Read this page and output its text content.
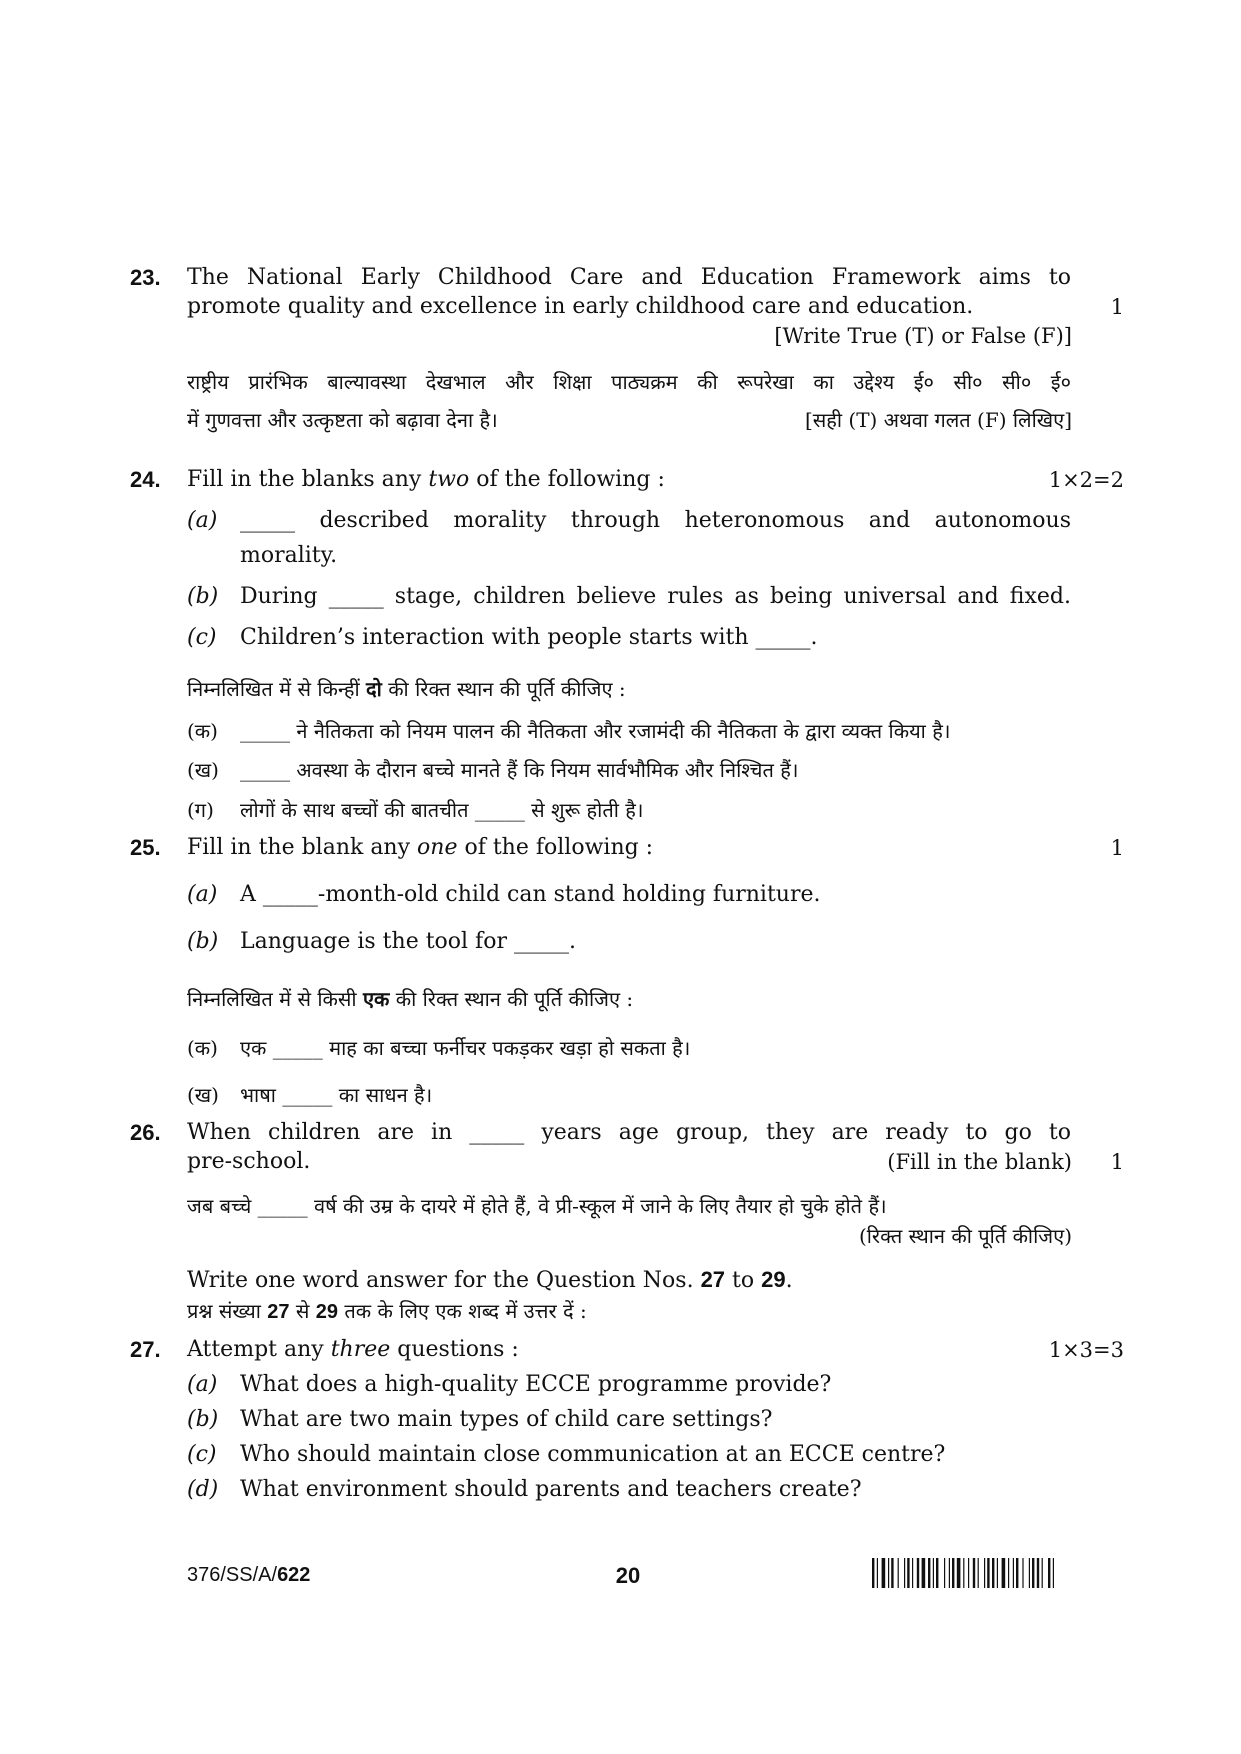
23. The National Early Childhood Care and Education Framework aims to
promote quality and excellence in early childhood care and education.	1
[Write True (T) or False (F)]
राष्ट्रीय प्रारंभिक बाल्यावस्था देखभाल और शिक्षा पाठ्यक्रम की रूपरेखा का उद्देश्य ई० सी० सी० ई०
में गुणवत्ता और उत्कृष्टता को बढ़ावा देना है।	[सही (T) अथवा गलत (F) लिखिए]
24. Fill in the blanks any two of the following :	1×2=2
(a) _____ described morality through heteronomous and autonomous
morality.
(b) During _____ stage, children believe rules as being universal and fixed.
(c) Children’s interaction with people starts with _____.
निम्नलिखित में से किन्हीं दो की रिक्त स्थान की पूर्ति कीजिए :
(क) _____ ने नैतिकता को नियम पालन की नैतिकता और रजामंदी की नैतिकता के द्वारा व्यक्त किया है।
(ख) _____ अवस्था के दौरान बच्चे मानते हैं कि नियम सार्वभौमिक और निश्चित हैं।
(ग) लोगों के साथ बच्चों की बातचीत _____ से शुरू होती है।
25. Fill in the blank any one of the following :	1
(a) A _____-month-old child can stand holding furniture.
(b) Language is the tool for _____.
निम्नलिखित में से किसी एक की रिक्त स्थान की पूर्ति कीजिए :
(क) एक _____ माह का बच्चा फर्नीचर पकड़कर खड़ा हो सकता है।
(ख) भाषा _____ का साधन है।
26. When children are in _____ years age group, they are ready to go to
pre-school.	(Fill in the blank)	1
जब बच्चे _____ वर्ष की उम्र के दायरे में होते हैं, वे प्री-स्कूल में जाने के लिए तैयार हो चुके होते हैं।
(रिक्त स्थान की पूर्ति कीजिए)
Write one word answer for the Question Nos. 27 to 29.
प्रश्न संख्या 27 से 29 तक के लिए एक शब्द में उत्तर दें :
27. Attempt any three questions :	1×3=3
(a) What does a high-quality ECCE programme provide?
(b) What are two main types of child care settings?
(c) Who should maintain close communication at an ECCE centre?
(d) What environment should parents and teachers create?
376/SS/A/622	20
